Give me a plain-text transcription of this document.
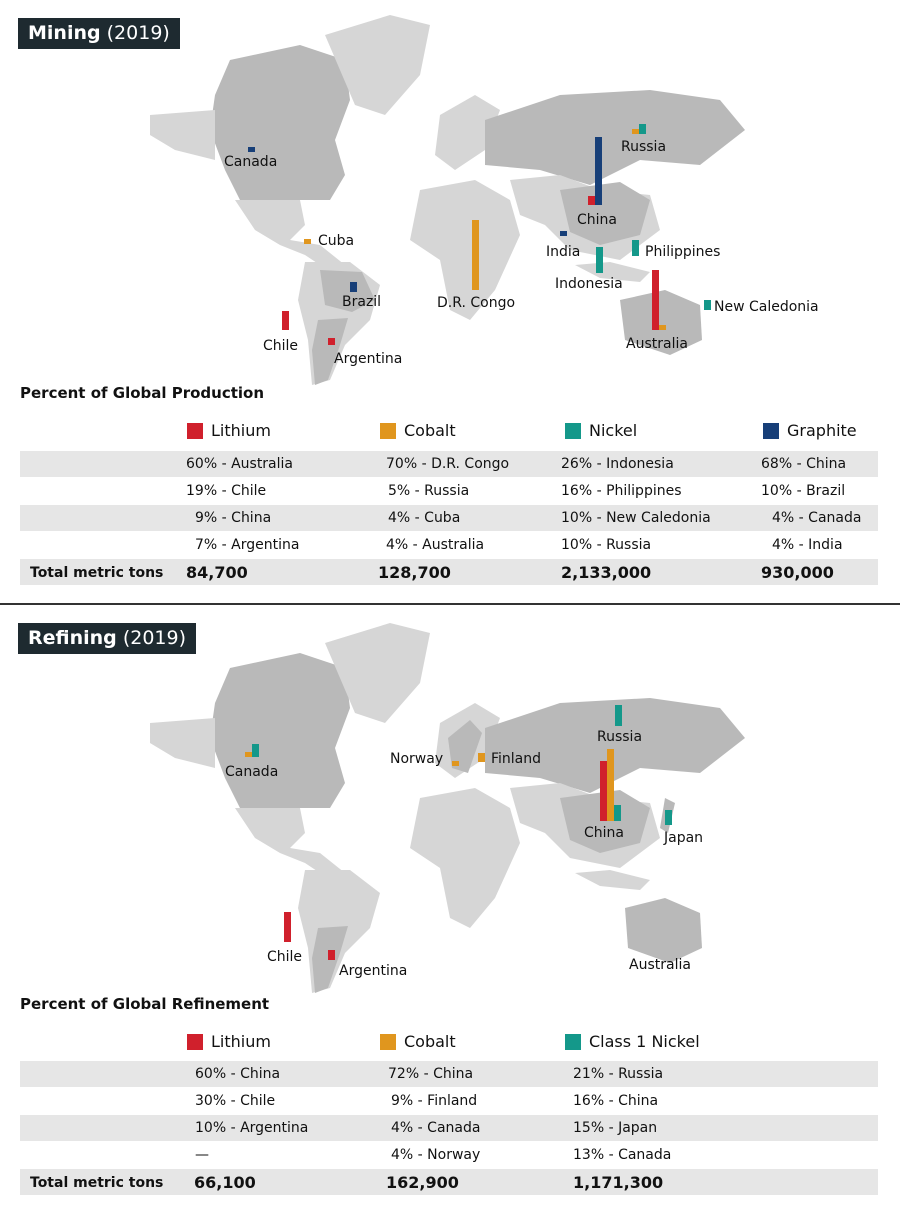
Mining (2019)
Canada
Cuba
Brazil
Chile
Argentina
D.R. Congo
Russia
China
India	Philippines
Indonesia
New Caledonia
Australia
Percent of Global Production
Lithium	Cobalt	Nickel	Graphite
60% - Australia	70% - D.R. Congo	26% - Indonesia	68% - China
19% - Chile	5% - Russia	16% - Philippines	10% - Brazil
9% - China	4% - Cuba	10% - New Caledonia	4% - Canada
7% - Argentina	4% - Australia	10% - Russia	4% - India
Total metric tons 84,700	128,700	2,133,000	930,000
Refining (2019)
Canada
Norway	Finland
Russia
China	Japan
Chile
Argentina	Australia
Percent of Global Refinement
Lithium	Cobalt	Class 1 Nickel
60% - China	72% - China	21% - Russia
30% - Chile	9% - Finland	16% - China
10% - Argentina	4% - Canada	15% - Japan
—	4% - Norway	13% - Canada
Total metric tons 66,100	162,900	1,171,300
